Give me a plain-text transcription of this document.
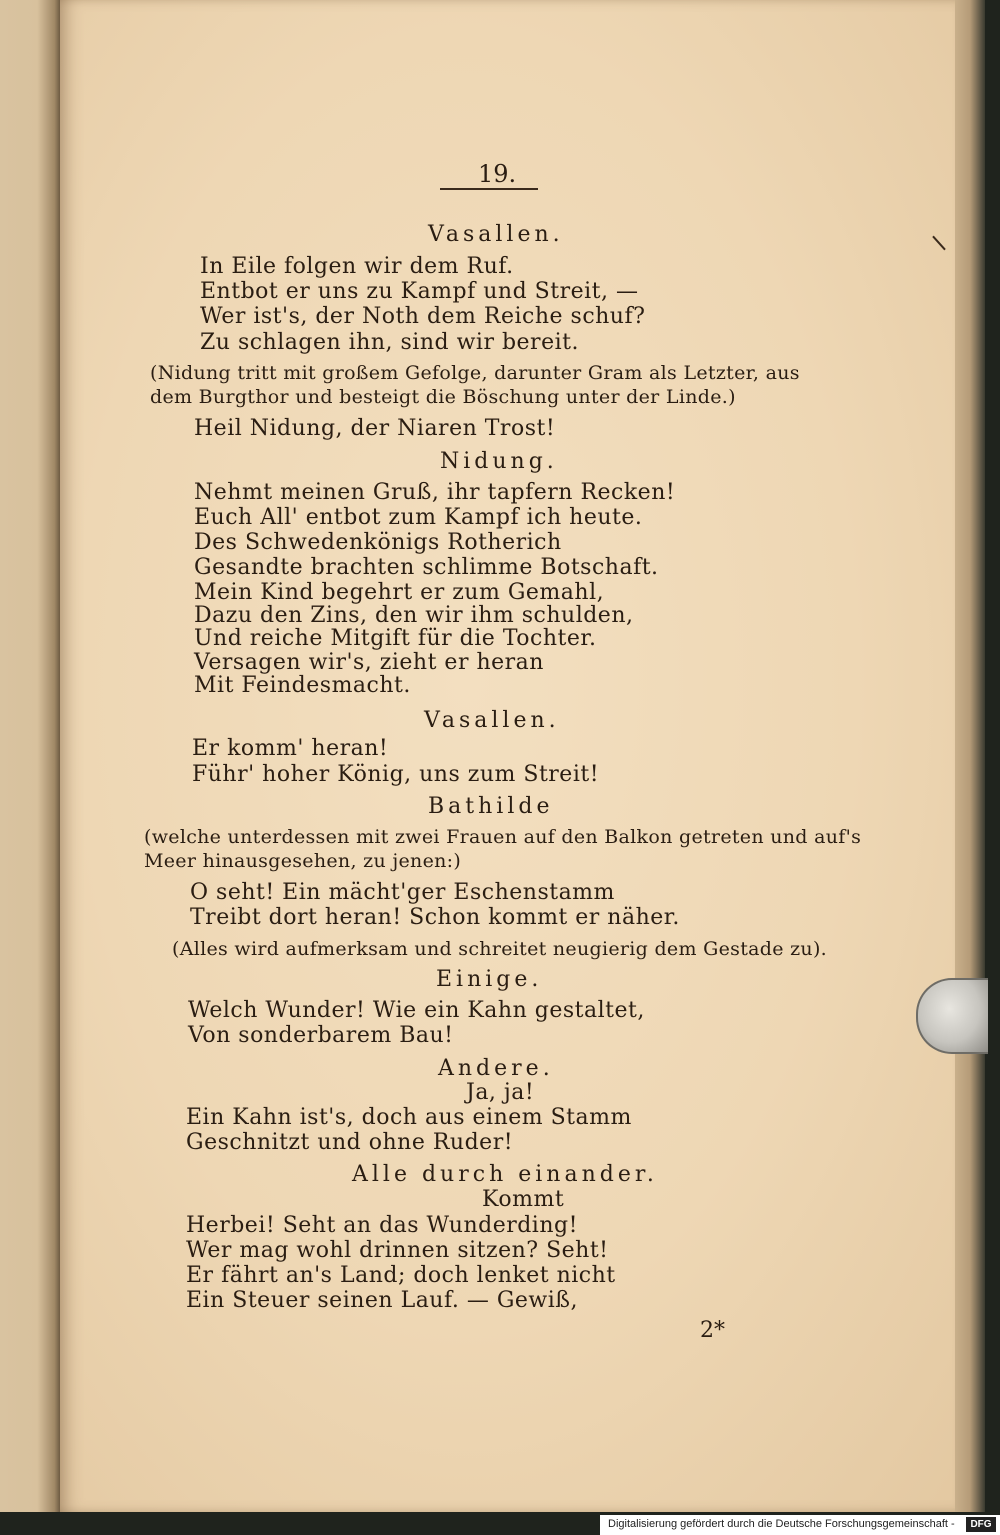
19.
Vasallen.
In Eile folgen wir dem Ruf.
Entbot er uns zu Kampf und Streit, —
Wer ist's, der Noth dem Reiche schuf?
Zu schlagen ihn, sind wir bereit.
(Nidung tritt mit großem Gefolge, darunter Gram als Letzter, aus
dem Burgthor und besteigt die Böschung unter der Linde.)
Heil Nidung, der Niaren Trost!
Nidung.
Nehmt meinen Gruß, ihr tapfern Recken!
Euch All' entbot zum Kampf ich heute.
Des Schwedenkönigs Rotherich
Gesandte brachten schlimme Botschaft.
Mein Kind begehrt er zum Gemahl,
Dazu den Zins, den wir ihm schulden,
Und reiche Mitgift für die Tochter.
Versagen wir's, zieht er heran
Mit Feindesmacht.
Vasallen.
Er komm' heran!
Führ' hoher König, uns zum Streit!
Bathilde
(welche unterdessen mit zwei Frauen auf den Balkon getreten und auf's
Meer hinausgesehen, zu jenen:)
O seht! Ein mächt'ger Eschenstamm
Treibt dort heran! Schon kommt er näher.
(Alles wird aufmerksam und schreitet neugierig dem Gestade zu).
Einige.
Welch Wunder! Wie ein Kahn gestaltet,
Von sonderbarem Bau!
Andere.
Ja, ja!
Ein Kahn ist's, doch aus einem Stamm
Geschnitzt und ohne Ruder!
Alle durch einander.
Kommt
Herbei! Seht an das Wunderding!
Wer mag wohl drinnen sitzen? Seht!
Er fährt an's Land; doch lenket nicht
Ein Steuer seinen Lauf. — Gewiß,
2*
Digitalisierung gefördert durch die Deutsche Forschungsgemeinschaft -	DFG
